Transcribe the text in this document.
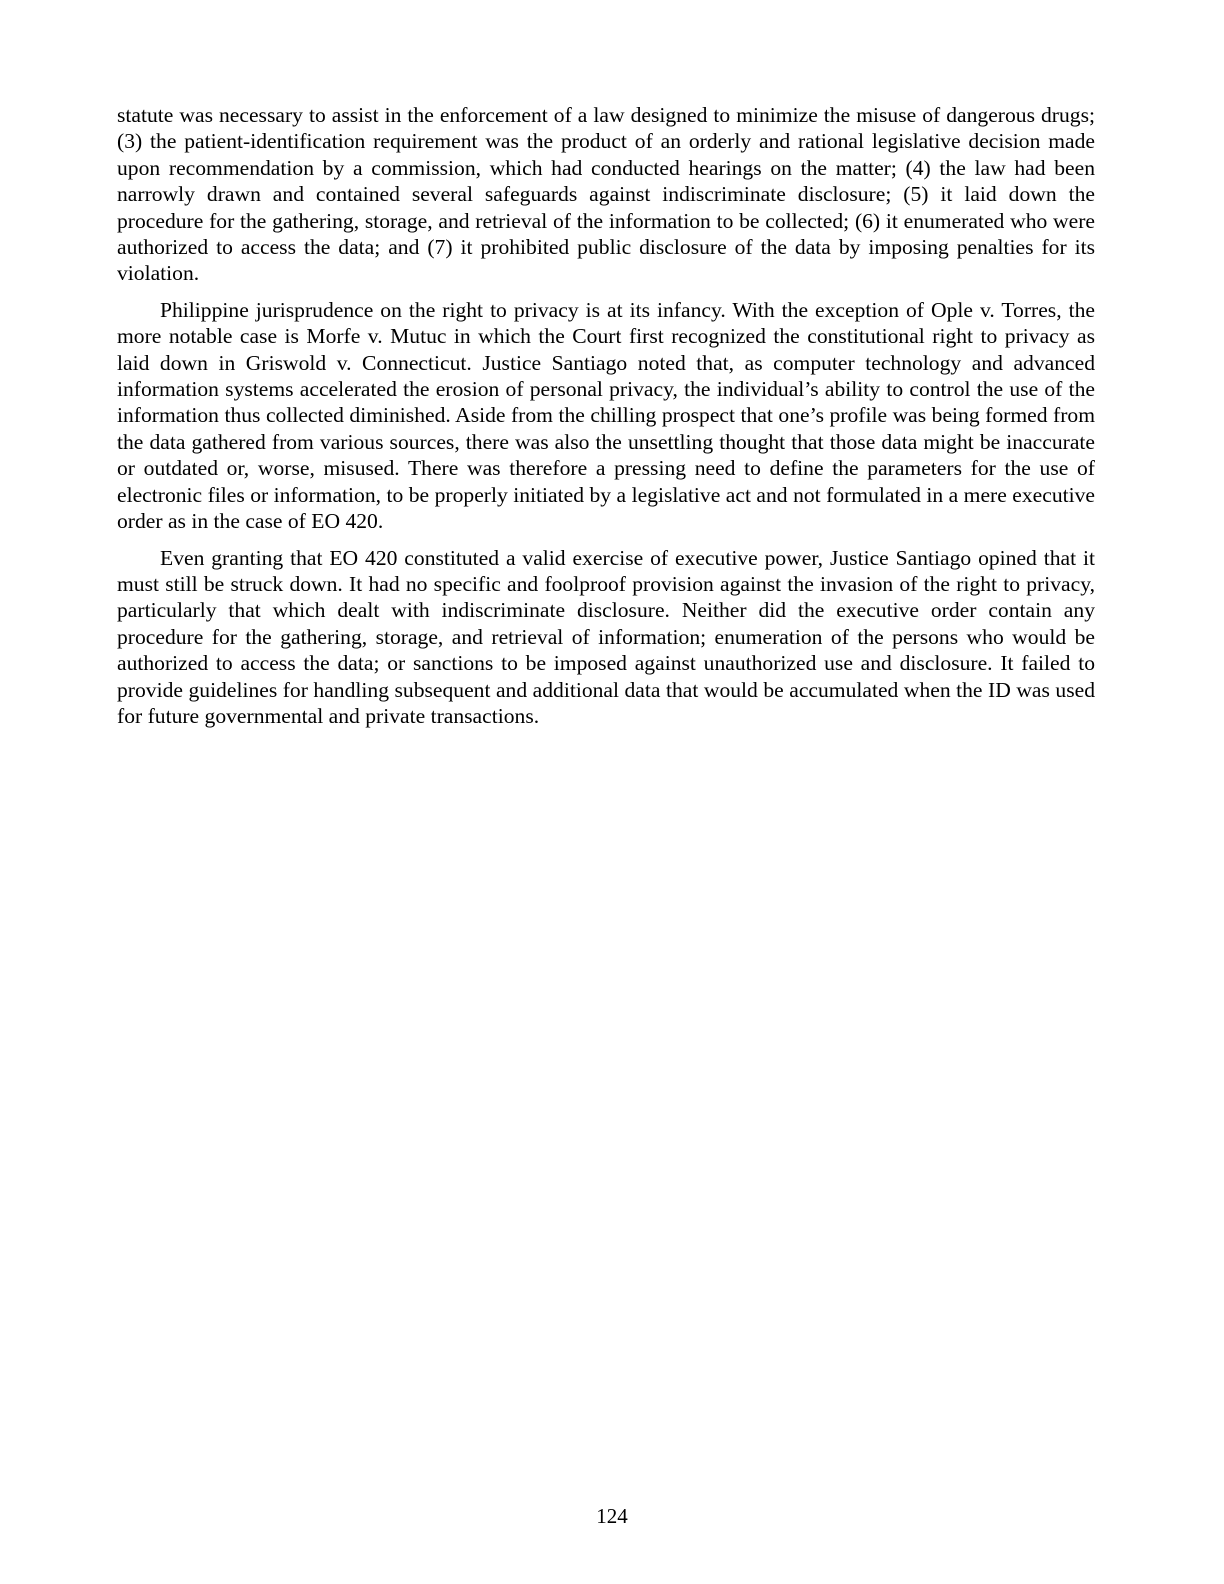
statute was necessary to assist in the enforcement of a law designed to minimize the misuse of dangerous drugs; (3) the patient-identification requirement was the product of an orderly and rational legislative decision made upon recommendation by a commission, which had conducted hearings on the matter; (4) the law had been narrowly drawn and contained several safeguards against indiscriminate disclosure; (5) it laid down the procedure for the gathering, storage, and retrieval of the information to be collected; (6) it enumerated who were authorized to access the data; and (7) it prohibited public disclosure of the data by imposing penalties for its violation.

Philippine jurisprudence on the right to privacy is at its infancy. With the exception of Ople v. Torres, the more notable case is Morfe v. Mutuc in which the Court first recognized the constitutional right to privacy as laid down in Griswold v. Connecticut. Justice Santiago noted that, as computer technology and advanced information systems accelerated the erosion of personal privacy, the individual’s ability to control the use of the information thus collected diminished. Aside from the chilling prospect that one’s profile was being formed from the data gathered from various sources, there was also the unsettling thought that those data might be inaccurate or outdated or, worse, misused. There was therefore a pressing need to define the parameters for the use of electronic files or information, to be properly initiated by a legislative act and not formulated in a mere executive order as in the case of EO 420.

Even granting that EO 420 constituted a valid exercise of executive power, Justice Santiago opined that it must still be struck down. It had no specific and foolproof provision against the invasion of the right to privacy, particularly that which dealt with indiscriminate disclosure. Neither did the executive order contain any procedure for the gathering, storage, and retrieval of information; enumeration of the persons who would be authorized to access the data; or sanctions to be imposed against unauthorized use and disclosure. It failed to provide guidelines for handling subsequent and additional data that would be accumulated when the ID was used for future governmental and private transactions.

124
